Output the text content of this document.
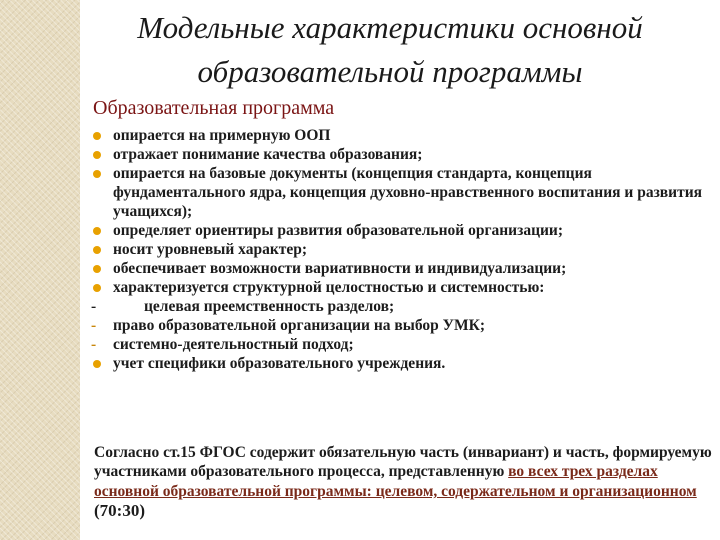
Модельные характеристики основной
образовательной программы
Образовательная программа
опирается на примерную ООП
отражает понимание качества образования;
опирается на базовые документы (концепция стандарта, концепция фундаментального ядра, концепция духовно-нравственного воспитания и развития учащихся);
определяет ориентиры развития образовательной организации;
носит уровневый характер;
обеспечивает возможности вариативности и индивидуализации;
характеризуется структурной целостностью и системностью:
-	целевая преемственность разделов;
- право образовательной организации на выбор УМК;
- системно-деятельностный подход;
учет специфики образовательного учреждения.
Согласно ст.15 ФГОС содержит обязательную часть (инвариант) и часть, формируемую участниками образовательного процесса, представленную во всех трех разделах основной образовательной программы: целевом, содержательном и организационном (70:30)
